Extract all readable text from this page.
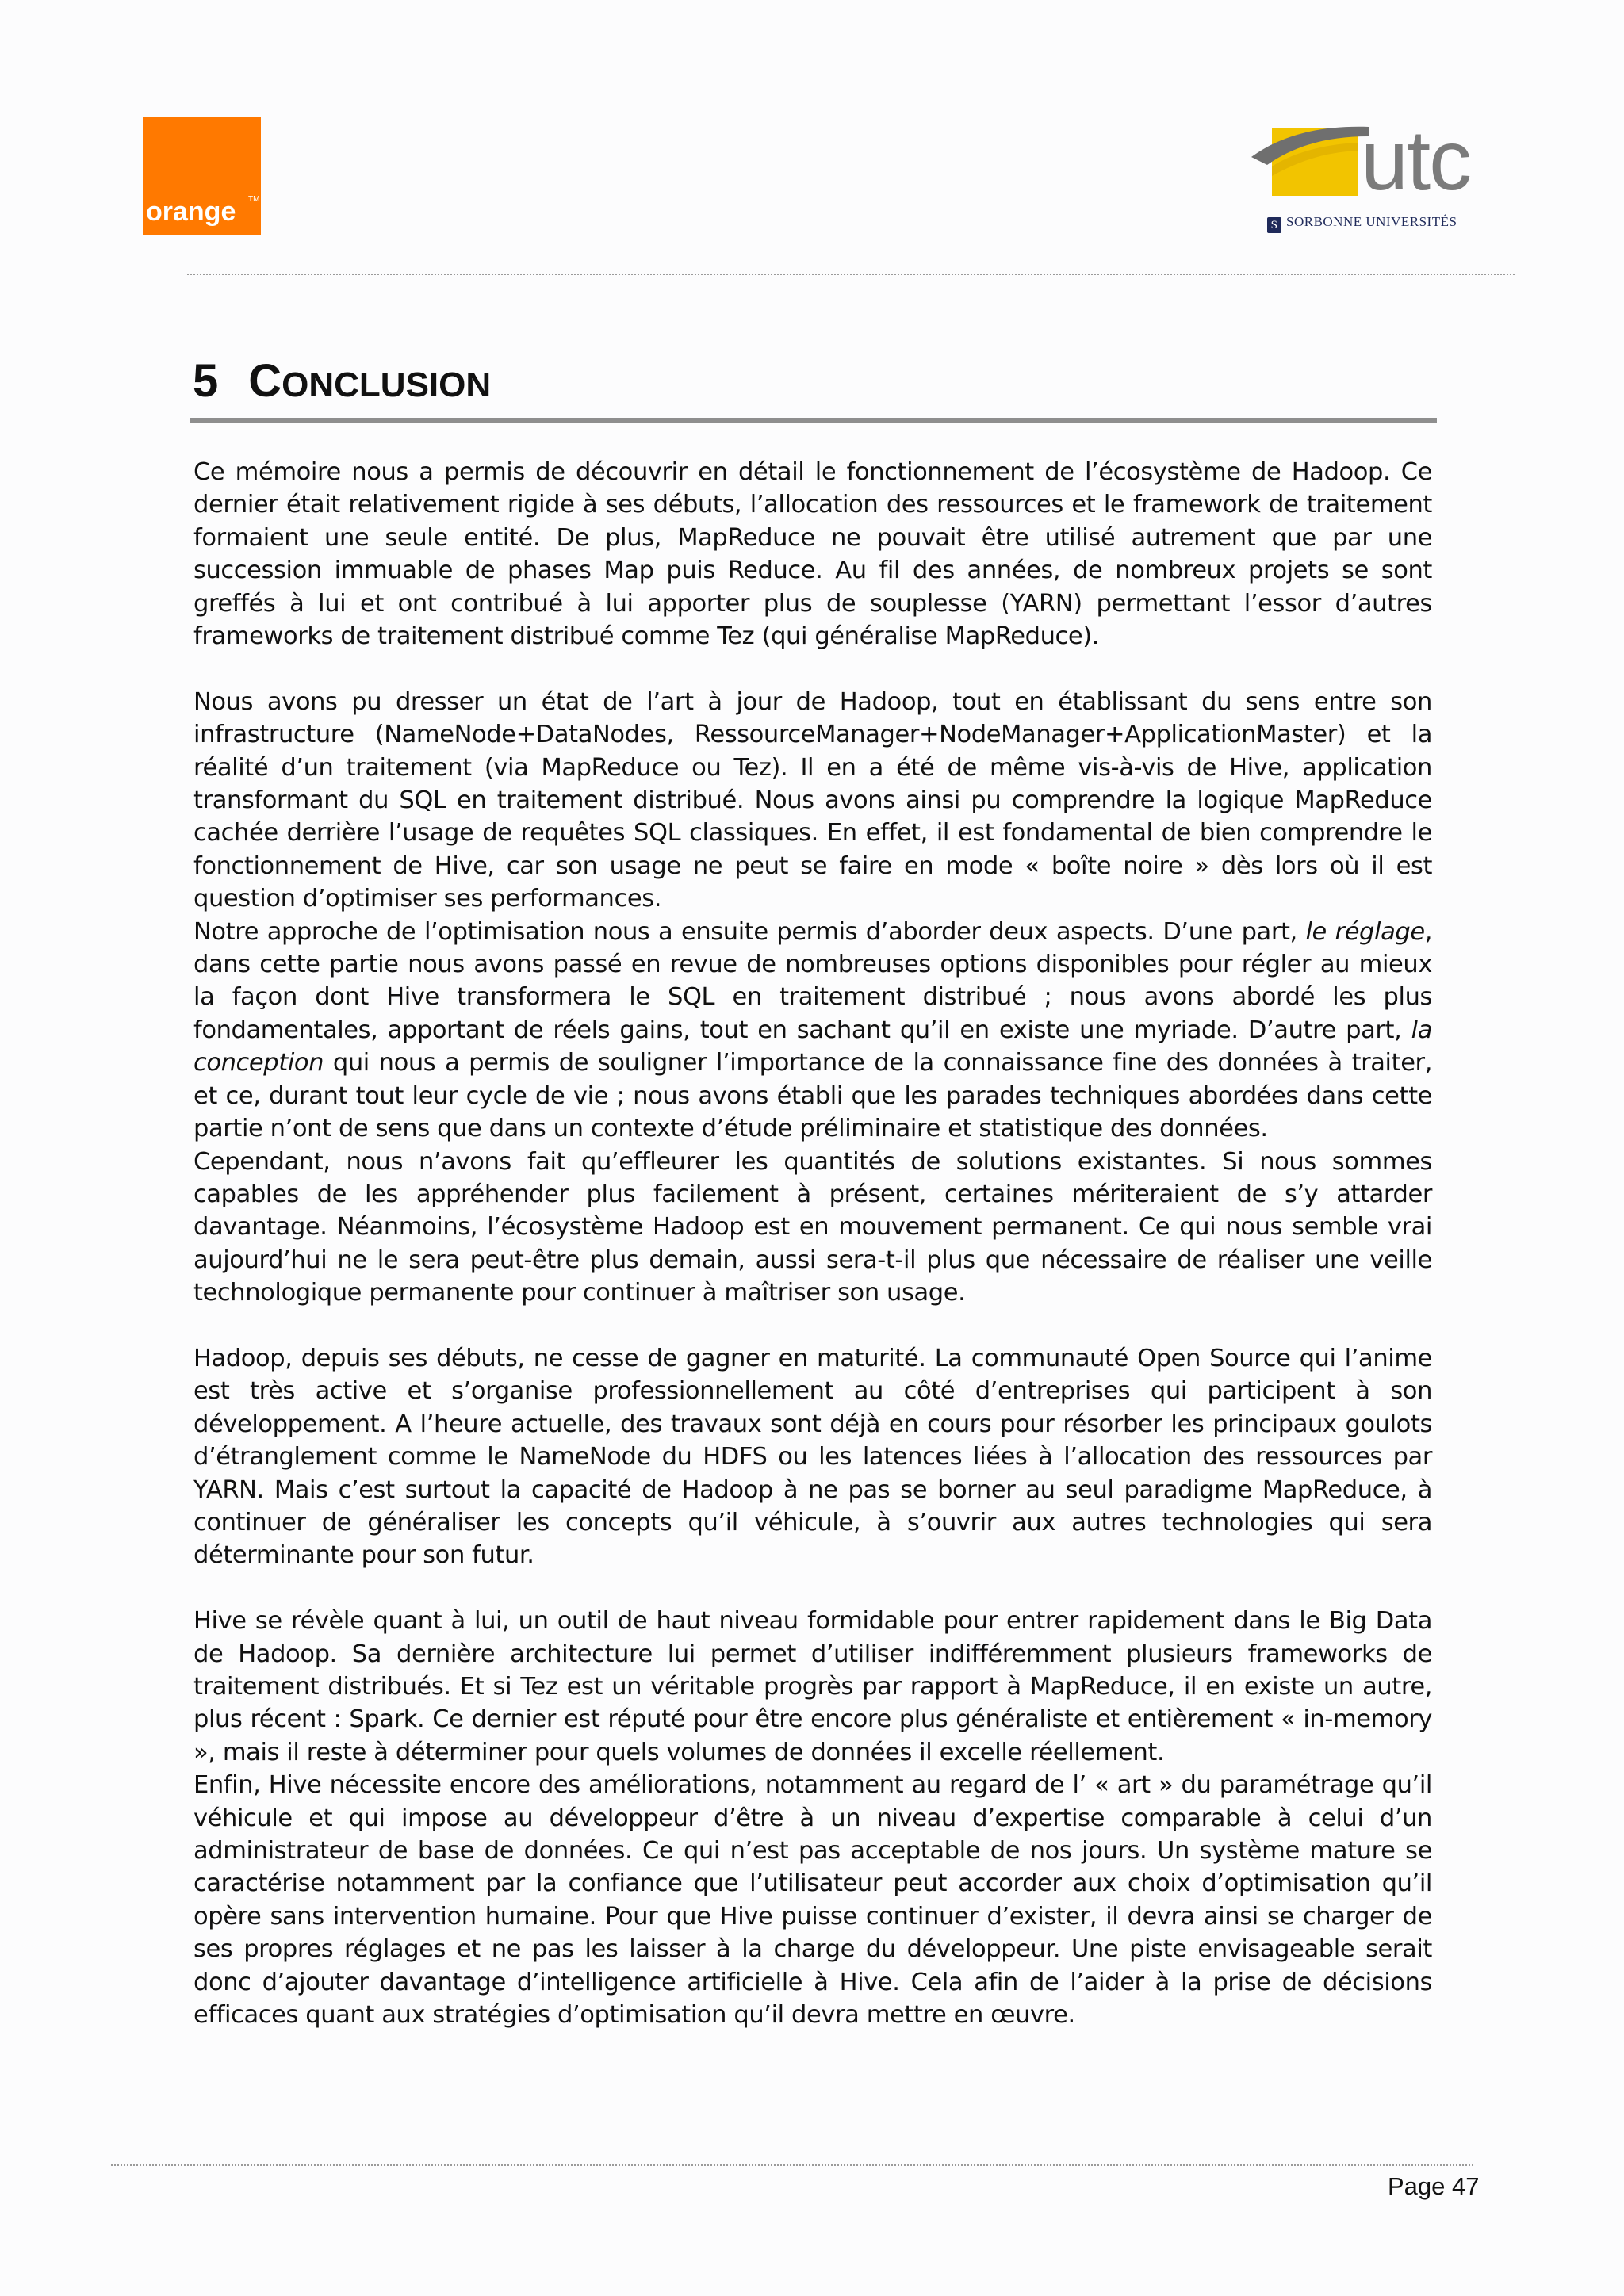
orange TM	utc
S SORBONNE UNIVERSITÉS
5 CONCLUSION

Ce mémoire nous a permis de découvrir en détail le fonctionnement de l’écosystème de Hadoop. Ce dernier était relativement rigide à ses débuts, l’allocation des ressources et le framework de traitement formaient une seule entité. De plus, MapReduce ne pouvait être utilisé autrement que par une succession immuable de phases Map puis Reduce. Au fil des années, de nombreux projets se sont greffés à lui et ont contribué à lui apporter plus de souplesse (YARN) permettant l’essor d’autres frameworks de traitement distribué comme Tez (qui généralise MapReduce).

Nous avons pu dresser un état de l’art à jour de Hadoop, tout en établissant du sens entre son infrastructure (NameNode+DataNodes, RessourceManager+NodeManager+ApplicationMaster) et la réalité d’un traitement (via MapReduce ou Tez). Il en a été de même vis-à-vis de Hive, application transformant du SQL en traitement distribué. Nous avons ainsi pu comprendre la logique MapReduce cachée derrière l’usage de requêtes SQL classiques. En effet, il est fondamental de bien comprendre le fonctionnement de Hive, car son usage ne peut se faire en mode « boîte noire » dès lors où il est question d’optimiser ses performances.

Notre approche de l’optimisation nous a ensuite permis d’aborder deux aspects. D’une part, le réglage, dans cette partie nous avons passé en revue de nombreuses options disponibles pour régler au mieux la façon dont Hive transformera le SQL en traitement distribué ; nous avons abordé les plus fondamentales, apportant de réels gains, tout en sachant qu’il en existe une myriade. D’autre part, la conception qui nous a permis de souligner l’importance de la connaissance fine des données à traiter, et ce, durant tout leur cycle de vie ; nous avons établi que les parades techniques abordées dans cette partie n’ont de sens que dans un contexte d’étude préliminaire et statistique des données.

Cependant, nous n’avons fait qu’effleurer les quantités de solutions existantes. Si nous sommes capables de les appréhender plus facilement à présent, certaines mériteraient de s’y attarder davantage. Néanmoins, l’écosystème Hadoop est en mouvement permanent. Ce qui nous semble vrai aujourd’hui ne le sera peut-être plus demain, aussi sera-t-il plus que nécessaire de réaliser une veille technologique permanente pour continuer à maîtriser son usage.

Hadoop, depuis ses débuts, ne cesse de gagner en maturité. La communauté Open Source qui l’anime est très active et s’organise professionnellement au côté d’entreprises qui participent à son développement. A l’heure actuelle, des travaux sont déjà en cours pour résorber les principaux goulots d’étranglement comme le NameNode du HDFS ou les latences liées à l’allocation des ressources par YARN. Mais c’est surtout la capacité de Hadoop à ne pas se borner au seul paradigme MapReduce, à continuer de généraliser les concepts qu’il véhicule, à s’ouvrir aux autres technologies qui sera déterminante pour son futur.

Hive se révèle quant à lui, un outil de haut niveau formidable pour entrer rapidement dans le Big Data de Hadoop. Sa dernière architecture lui permet d’utiliser indifféremment plusieurs frameworks de traitement distribués. Et si Tez est un véritable progrès par rapport à MapReduce, il en existe un autre, plus récent : Spark. Ce dernier est réputé pour être encore plus généraliste et entièrement « in-memory », mais il reste à déterminer pour quels volumes de données il excelle réellement.

Enfin, Hive nécessite encore des améliorations, notamment au regard de l’ « art » du paramétrage qu’il véhicule et qui impose au développeur d’être à un niveau d’expertise comparable à celui d’un administrateur de base de données. Ce qui n’est pas acceptable de nos jours. Un système mature se caractérise notamment par la confiance que l’utilisateur peut accorder aux choix d’optimisation qu’il opère sans intervention humaine. Pour que Hive puisse continuer d’exister, il devra ainsi se charger de ses propres réglages et ne pas les laisser à la charge du développeur. Une piste envisageable serait donc d’ajouter davantage d’intelligence artificielle à Hive. Cela afin de l’aider à la prise de décisions efficaces quant aux stratégies d’optimisation qu’il devra mettre en œuvre.

Page 47
